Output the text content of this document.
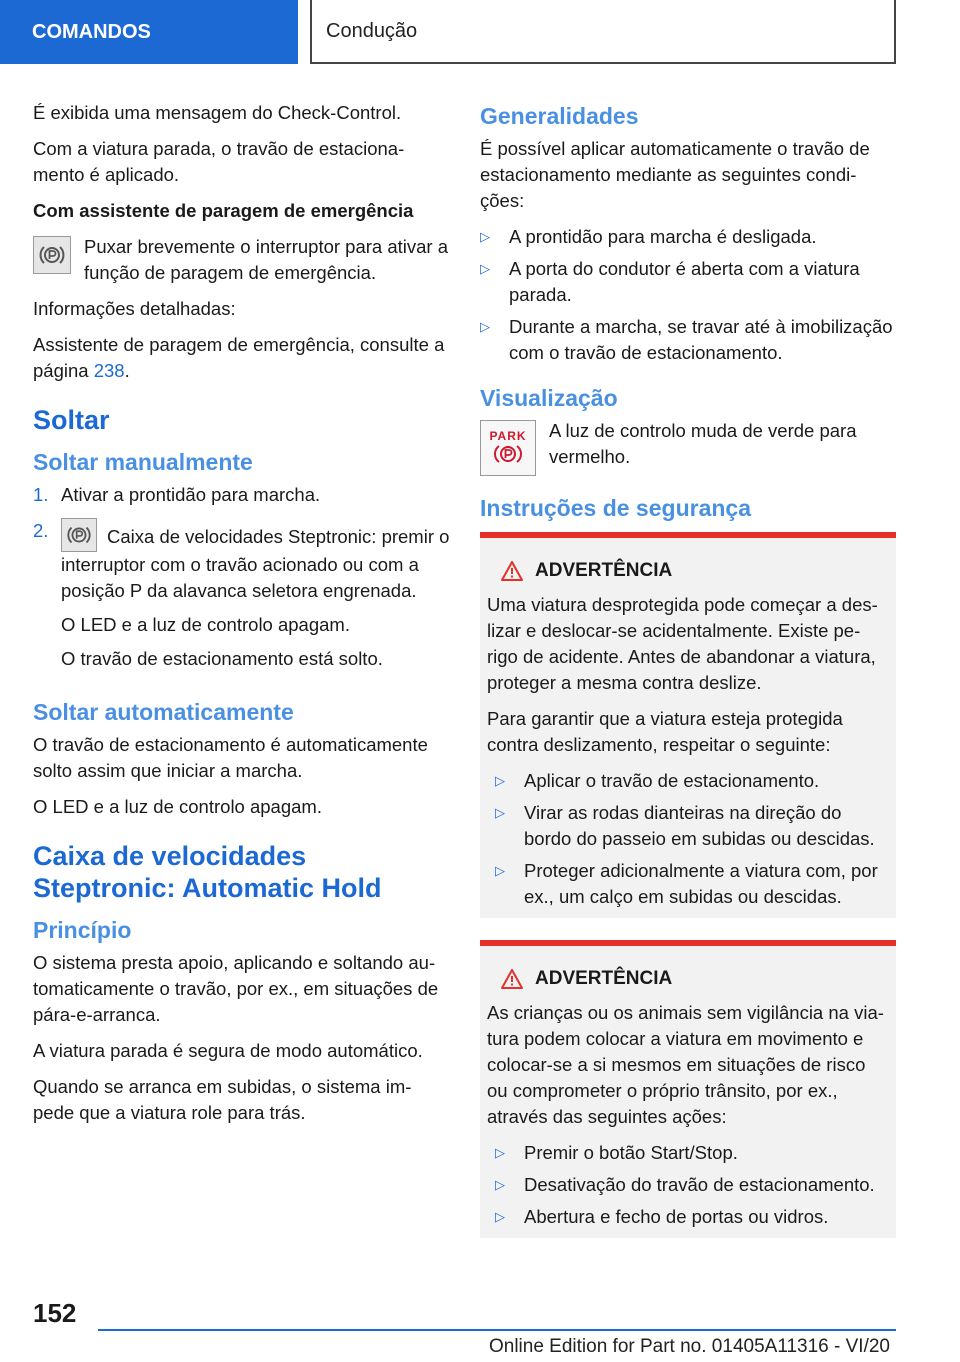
COMANDOS	Condução

É exibida uma mensagem do Check-Control.

Com a viatura parada, o travão de estaciona-mento é aplicado.

Com assistente de paragem de emergência

Puxar brevemente o interruptor para ativar a função de paragem de emergência.

Informações detalhadas:

Assistente de paragem de emergência, consulte a página 238.

Soltar
Soltar manualmente
1. Ativar a prontidão para marcha.
2.	Caixa de velocidades Steptronic: premir o interruptor com o travão acionado ou com a posição P da alavanca seletora engrenada.

O LED e a luz de controlo apagam.

O travão de estacionamento está solto.

Soltar automaticamente

O travão de estacionamento é automaticamente solto assim que iniciar a marcha.

O LED e a luz de controlo apagam.

Caixa de velocidades Steptronic: Automatic Hold
Princípio

O sistema presta apoio, aplicando e soltando au-tomaticamente o travão, por ex., em situações de pára-e-arranca.

A viatura parada é segura de modo automático.

Quando se arranca em subidas, o sistema im-pede que a viatura role para trás.

Generalidades

É possível aplicar automaticamente o travão de estacionamento mediante as seguintes condi-ções:

▷	A prontidão para marcha é desligada.
▷	A porta do condutor é aberta com a viatura parada.
▷	Durante a marcha, se travar até à imobilização com o travão de estacionamento.
Visualização
PARK A luz de controlo muda de verde para vermelho.
Instruções de segurança
ADVERTÊNCIA

Uma viatura desprotegida pode começar a des-lizar e deslocar-se acidentalmente. Existe pe-rigo de acidente. Antes de abandonar a viatura, proteger a mesma contra deslize.

Para garantir que a viatura esteja protegida contra deslizamento, respeitar o seguinte:

▷	Aplicar o travão de estacionamento.
▷	Virar as rodas dianteiras na direção do bordo do passeio em subidas ou descidas.
▷	Proteger adicionalmente a viatura com, por ex., um calço em subidas ou descidas.
ADVERTÊNCIA

As crianças ou os animais sem vigilância na via-tura podem colocar a viatura em movimento e colocar-se a si mesmos em situações de risco ou comprometer o próprio trânsito, por ex., através das seguintes ações:

▷	Premir o botão Start/Stop.
▷	Desativação do travão de estacionamento.
▷	Abertura e fecho de portas ou vidros.
152
Online Edition for Part no. 01405A11316 - VI/20
